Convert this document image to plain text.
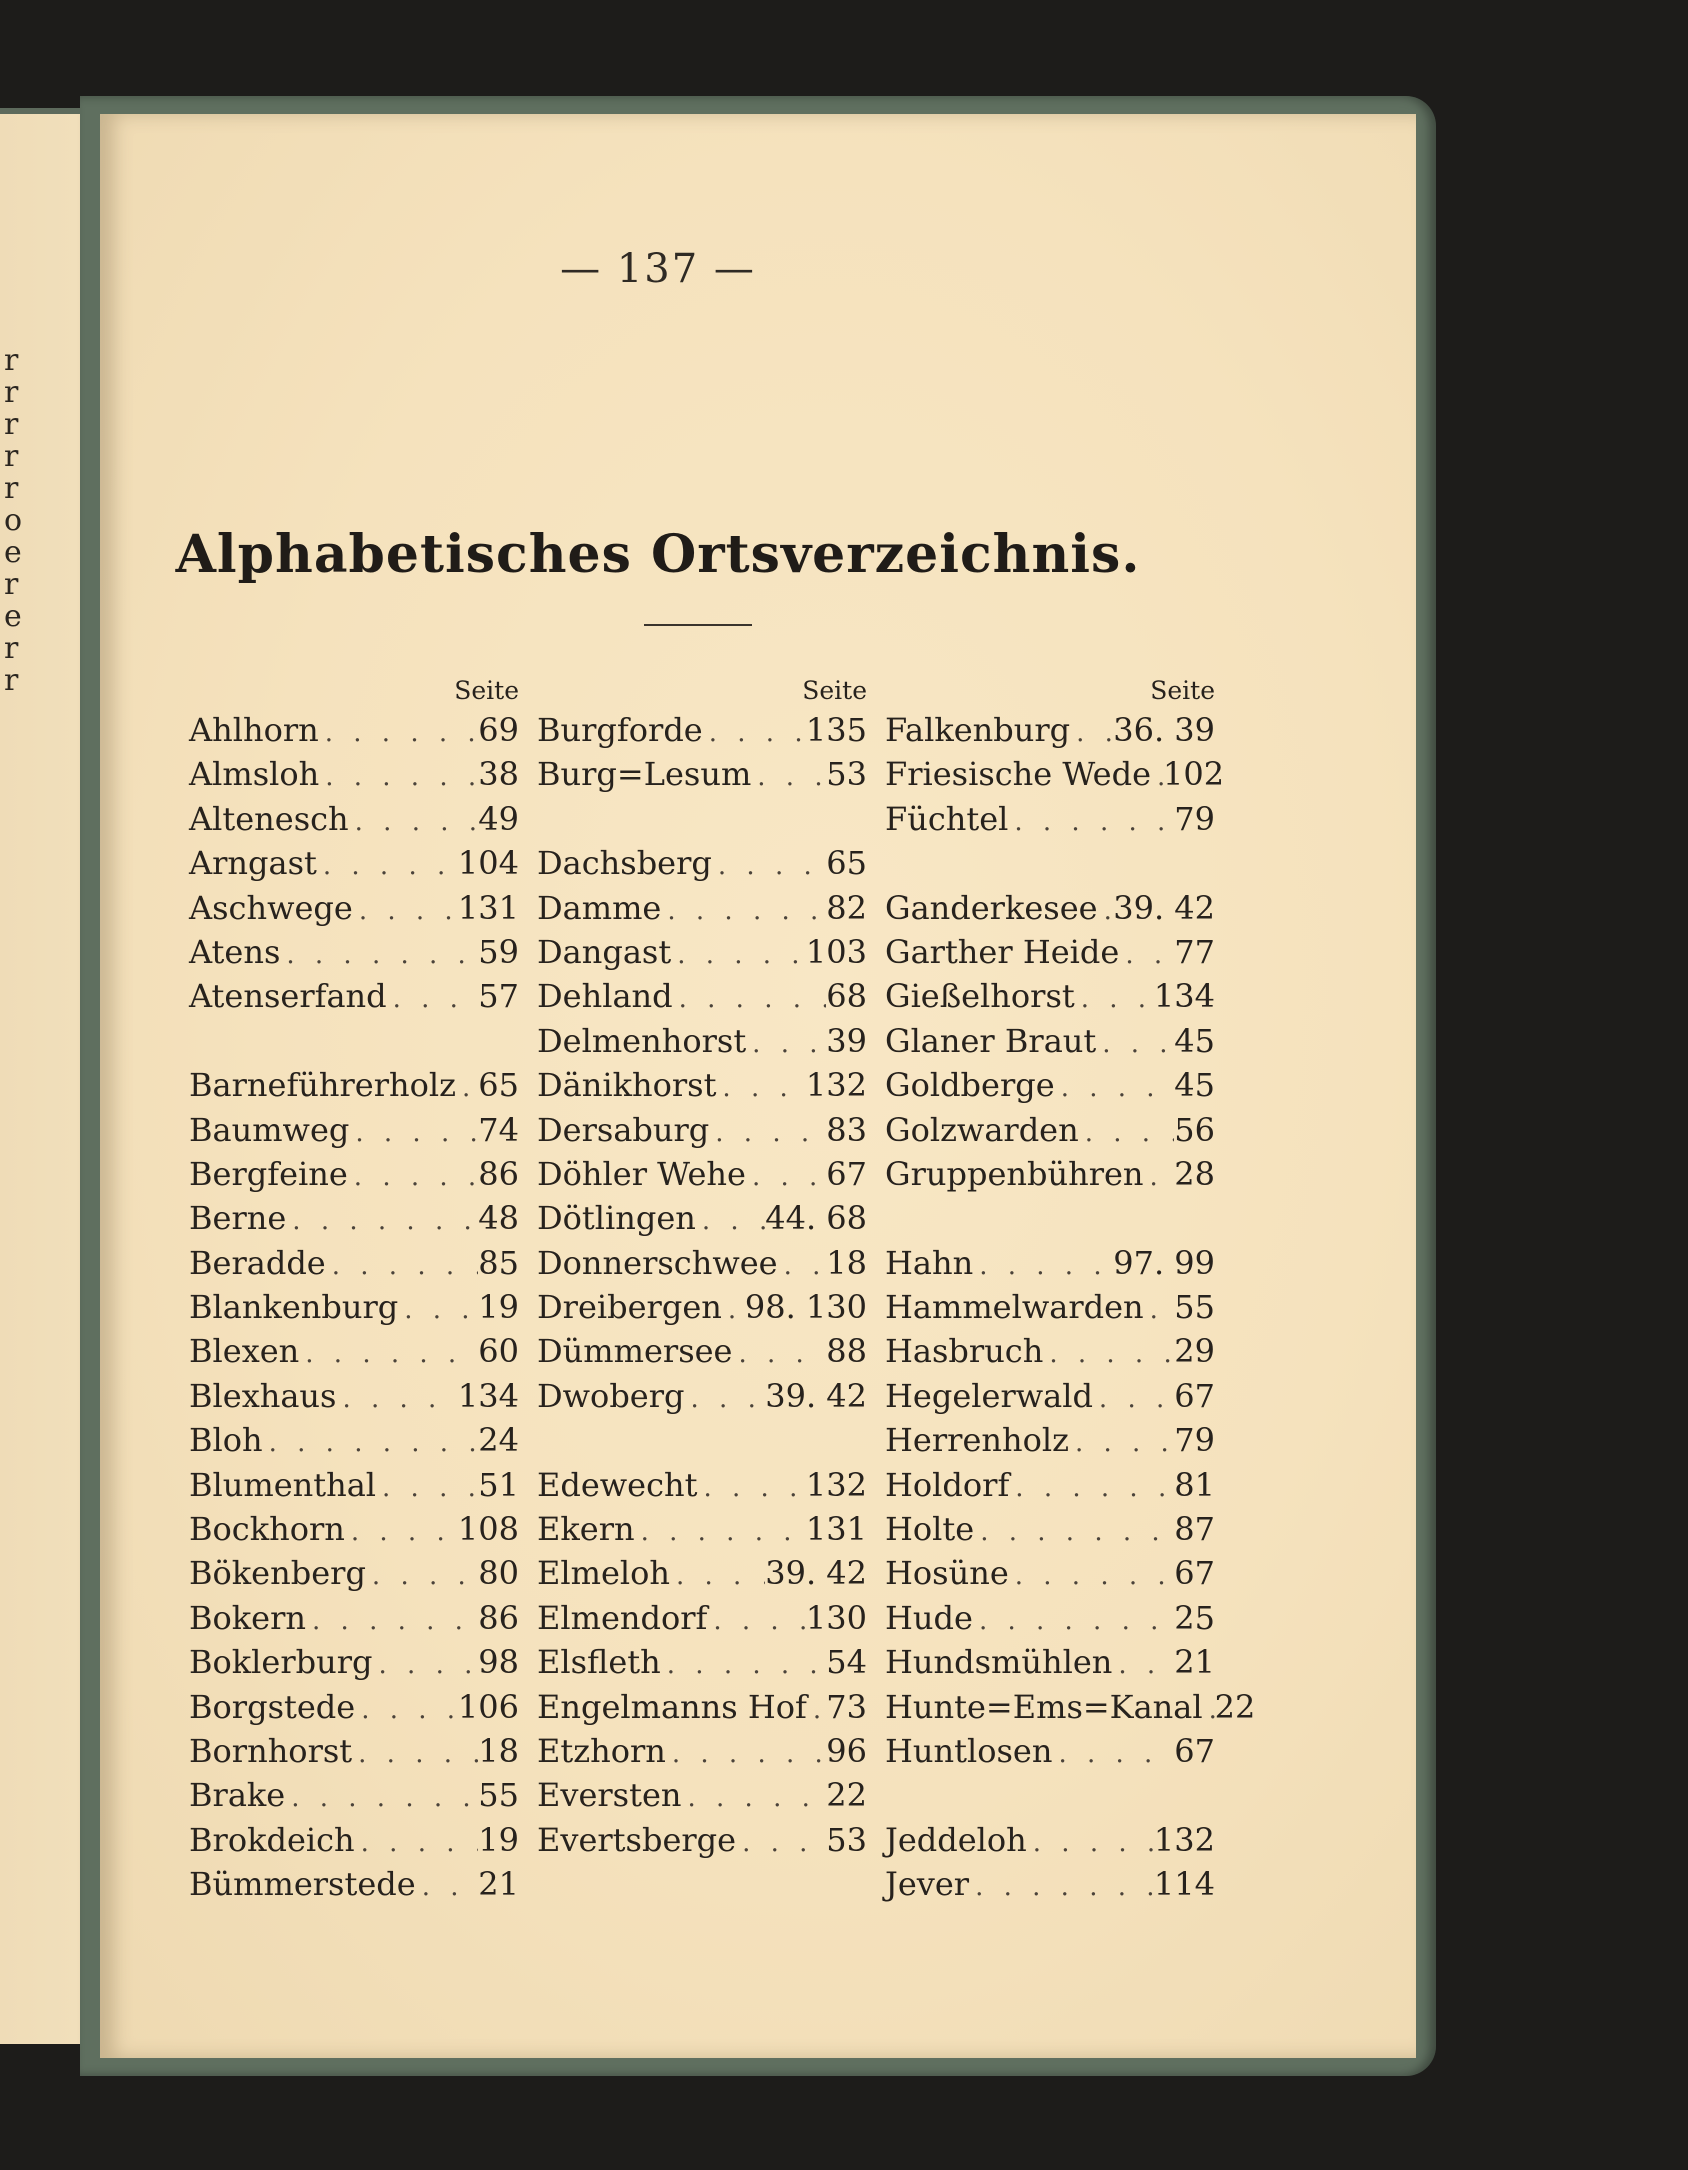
r
r
r
r
r
o
e
r
e
r
r
— 137 —
Alphabetisches Ortsverzeichnis.
Seite
Ahlhorn . . .	69
Almsloh . . .	38
Altenesch . . .	49
Arngast . . .	104
Aschwege . . .	131
Atens . . .	59
Atenserfand . . .	57
Barneführerholz . . . 65
Baumweg . . .	74
Bergfeine . . .	86
Berne . . .	48
Beradde . . .	85
Blankenburg . . .	19
Blexen . . .	60
Blexhaus . . .	134
Bloh . . .	24
Blumenthal . . .	51
Bockhorn . . .	108
Bökenberg . . .	80
Bokern . . .	86
Boklerburg . . .	98
Borgstede . . .	106
Bornhorst . . .	18
Brake . . .	55
Brokdeich . . .	19
Bümmerstede . . . 21
Seite
Burgforde . . .	135
Burg=Lesum . . . 53
Dachsberg . . .	65
Damme . . .	82
Dangast . . .	103
Dehland . . .	68
Delmenhorst . . .	39
Dänikhorst . . .	132
Dersaburg . . .	83
Döhler Wehe . . .	67
Dötlingen . . . 44. 68
Donnerschwee . . . 18
Dreibergen . . . 98. 130
Dümmersee . . .	88
Dwoberg . . .	39. 42
Edewecht . . .	132
Ekern . . .	131
Elmeloh . . .	39. 42
Elmendorf . . .	130
Elsfleth . . .	54
Engelmanns Hof . . . 73
Etzhorn . . .	96
Eversten . . .	22
Evertsberge . . .	53
Seite
Falkenburg . . . 36. 39
Friesische Wede . . . 102
Füchtel . . .	79
Ganderkesee . . . 39. 42
Garther Heide . . . 77
Gießelhorst . . . 134
Glaner Braut . . . 45
Goldberge . . .	45
Golzwarden . . .	56
Gruppenbühren . . . 28
Hahn . . .	97. 99
Hammelwarden . . . 55
Hasbruch . . .	29
Hegelerwald . . .	67
Herrenholz . . .	79
Holdorf . . .	81
Holte . . .	87
Hosüne . . .	67
Hude . . .	25
Hundsmühlen . . . 21
Hunte=Ems=Kanal . . . 22
Huntlosen . . .	67
Jeddeloh . . .	132
Jever . . .	114
